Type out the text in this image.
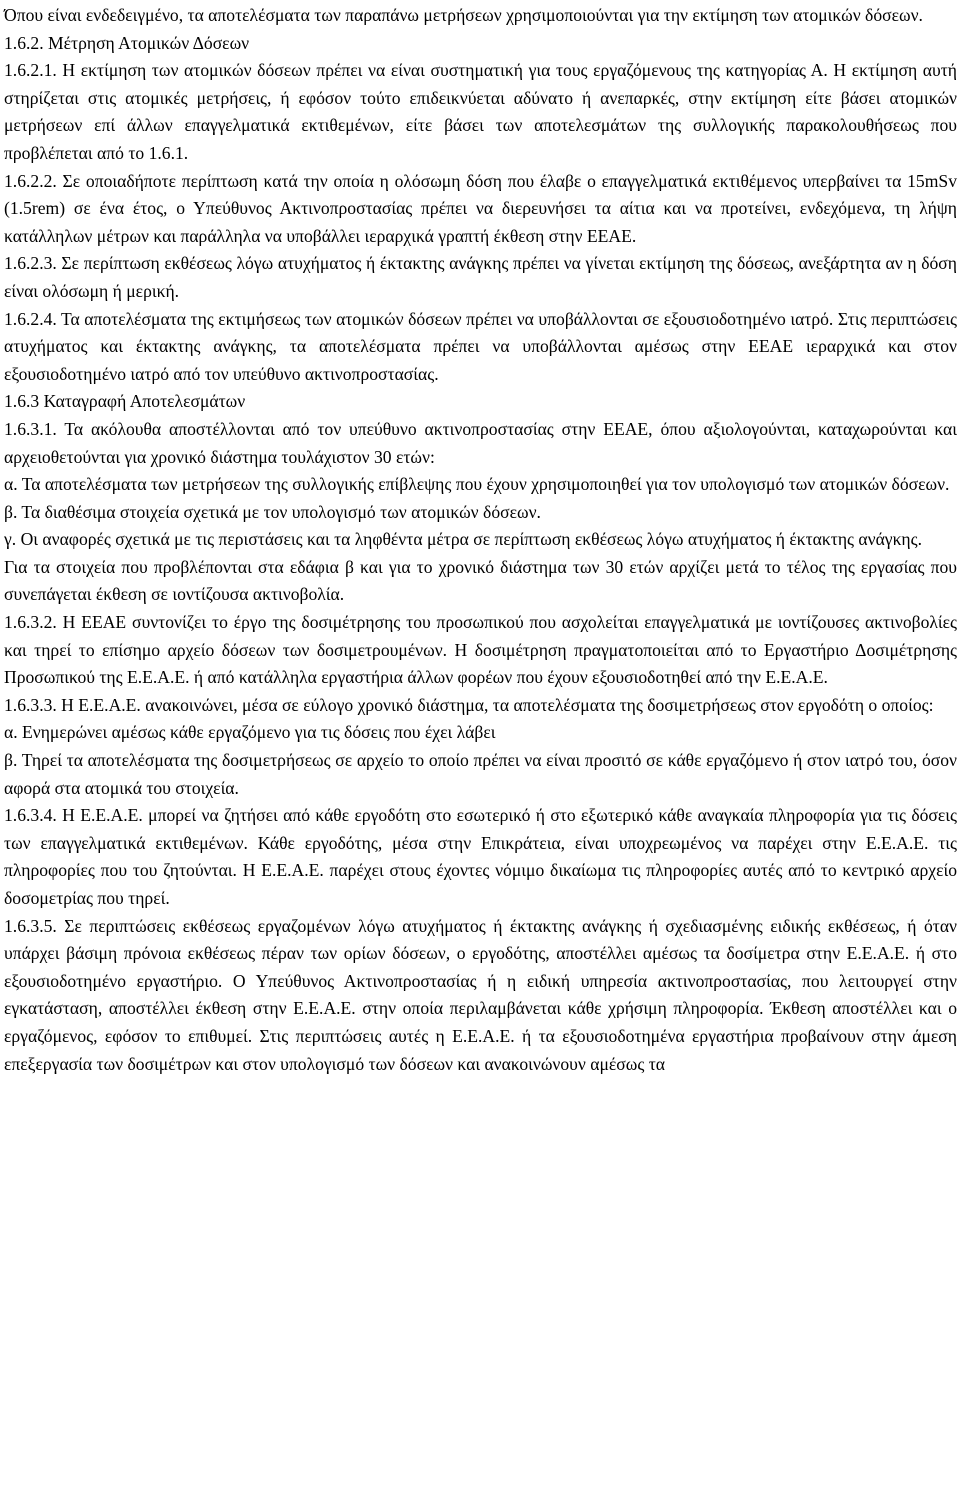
Όπου είναι ενδεδειγμένο, τα αποτελέσματα των παραπάνω μετρήσεων χρησιμοποιούνται για την εκτίμηση των ατομικών δόσεων.

1.6.2. Μέτρηση Ατομικών Δόσεων

1.6.2.1. Η εκτίμηση των ατομικών δόσεων πρέπει να είναι συστηματική για τους εργαζόμενους της κατηγορίας Α. Η εκτίμηση αυτή στηρίζεται στις ατομικές μετρήσεις, ή εφόσον τούτο επιδεικνύεται αδύνατο ή ανεπαρκές, στην εκτίμηση είτε βάσει ατομικών μετρήσεων επί άλλων επαγγελματικά εκτιθεμένων, είτε βάσει των αποτελεσμάτων της συλλογικής παρακολουθήσεως που προβλέπεται από το 1.6.1.

1.6.2.2. Σε οποιαδήποτε περίπτωση κατά την οποία η ολόσωμη δόση που έλαβε ο επαγγελματικά εκτιθέμενος υπερβαίνει τα 15mSv (1.5rem) σε ένα έτος, ο Υπεύθυνος Ακτινοπροστασίας πρέπει να διερευνήσει τα αίτια και να προτείνει, ενδεχόμενα, τη λήψη κατάλληλων μέτρων και παράλληλα να υποβάλλει ιεραρχικά γραπτή έκθεση στην ΕΕΑΕ.

1.6.2.3. Σε περίπτωση εκθέσεως λόγω ατυχήματος ή έκτακτης ανάγκης πρέπει να γίνεται εκτίμηση της δόσεως, ανεξάρτητα αν η δόση είναι ολόσωμη ή μερική.

1.6.2.4. Τα αποτελέσματα της εκτιμήσεως των ατομικών δόσεων πρέπει να υποβάλλονται σε εξουσιοδοτημένο ιατρό. Στις περιπτώσεις ατυχήματος και έκτακτης ανάγκης, τα αποτελέσματα πρέπει να υποβάλλονται αμέσως στην ΕΕΑΕ ιεραρχικά και στον εξουσιοδοτημένο ιατρό από τον υπεύθυνο ακτινοπροστασίας.

1.6.3 Καταγραφή Αποτελεσμάτων

1.6.3.1. Τα ακόλουθα αποστέλλονται από τον υπεύθυνο ακτινοπροστασίας στην ΕΕΑΕ, όπου αξιολογούνται, καταχωρούνται και αρχειοθετούνται για χρονικό διάστημα τουλάχιστον 30 ετών:

α. Τα αποτελέσματα των μετρήσεων της συλλογικής επίβλεψης που έχουν χρησιμοποιηθεί για τον υπολογισμό των ατομικών δόσεων.

β. Τα διαθέσιμα στοιχεία σχετικά με τον υπολογισμό των ατομικών δόσεων.

γ. Οι αναφορές σχετικά με τις περιστάσεις και τα ληφθέντα μέτρα σε περίπτωση εκθέσεως λόγω ατυχήματος ή έκτακτης ανάγκης.

Για τα στοιχεία που προβλέπονται στα εδάφια β και για το χρονικό διάστημα των 30 ετών αρχίζει μετά το τέλος της εργασίας που συνεπάγεται έκθεση σε ιοντίζουσα ακτινοβολία.

1.6.3.2. Η ΕΕΑΕ συντονίζει το έργο της δοσιμέτρησης του προσωπικού που ασχολείται επαγγελματικά με ιοντίζουσες ακτινοβολίες και τηρεί το επίσημο αρχείο δόσεων των δοσιμετρουμένων. Η δοσιμέτρηση πραγματοποιείται από το Εργαστήριο Δοσιμέτρησης Προσωπικού της Ε.Ε.Α.Ε. ή από κατάλληλα εργαστήρια άλλων φορέων που έχουν εξουσιοδοτηθεί από την Ε.Ε.Α.Ε.

1.6.3.3. Η Ε.Ε.Α.Ε. ανακοινώνει, μέσα σε εύλογο χρονικό διάστημα, τα αποτελέσματα της δοσιμετρήσεως στον εργοδότη ο οποίος:

α. Ενημερώνει αμέσως κάθε εργαζόμενο για τις δόσεις που έχει λάβει

β. Τηρεί τα αποτελέσματα της δοσιμετρήσεως σε αρχείο το οποίο πρέπει να είναι προσιτό σε κάθε εργαζόμενο ή στον ιατρό του, όσον αφορά στα ατομικά του στοιχεία.

1.6.3.4. Η Ε.Ε.Α.Ε. μπορεί να ζητήσει από κάθε εργοδότη στο εσωτερικό ή στο εξωτερικό κάθε αναγκαία πληροφορία για τις δόσεις των επαγγελματικά εκτιθεμένων. Κάθε εργοδότης, μέσα στην Επικράτεια, είναι υποχρεωμένος να παρέχει στην Ε.Ε.Α.Ε. τις πληροφορίες που του ζητούνται. Η Ε.Ε.Α.Ε. παρέχει στους έχοντες νόμιμο δικαίωμα τις πληροφορίες αυτές από το κεντρικό αρχείο δοσομετρίας που τηρεί.

1.6.3.5. Σε περιπτώσεις εκθέσεως εργαζομένων λόγω ατυχήματος ή έκτακτης ανάγκης ή σχεδιασμένης ειδικής εκθέσεως, ή όταν υπάρχει βάσιμη πρόνοια εκθέσεως πέραν των ορίων δόσεων, ο εργοδότης, αποστέλλει αμέσως τα δοσίμετρα στην Ε.Ε.Α.Ε. ή στο εξουσιοδοτημένο εργαστήριο. Ο Υπεύθυνος Ακτινοπροστασίας ή η ειδική υπηρεσία ακτινοπροστασίας, που λειτουργεί στην εγκατάσταση, αποστέλλει έκθεση στην Ε.Ε.Α.Ε. στην οποία περιλαμβάνεται κάθε χρήσιμη πληροφορία. Έκθεση αποστέλλει και ο εργαζόμενος, εφόσον το επιθυμεί. Στις περιπτώσεις αυτές η Ε.Ε.Α.Ε. ή τα εξουσιοδοτημένα εργαστήρια προβαίνουν στην άμεση επεξεργασία των δοσιμέτρων και στον υπολογισμό των δόσεων και ανακοινώνουν αμέσως τα
